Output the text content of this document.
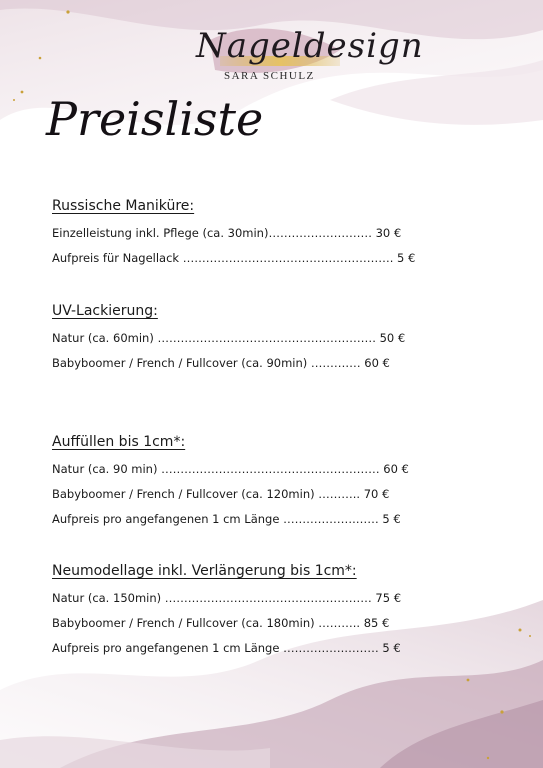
Nageldesign
SARA SCHULZ
Preisliste
Russische Maniküre:
Einzelleistung inkl. Pflege (ca. 30min)……………………… 30 €
Aufpreis für Nagellack ………………………………………………. 5 €
UV-Lackierung:
Natur (ca. 60min) ………………………………………………… 50 €
Babyboomer / French / Fullcover (ca. 90min) ……….… 60 €
Auffüllen bis 1cm*:
Natur (ca. 90 min) ………………………………………………… 60 €
Babyboomer / French / Fullcover (ca. 120min) ……….. 70 €
Aufpreis pro angefangenen 1 cm Länge ……………….…… 5 €
Neumodellage inkl. Verlängerung bis 1cm*:
Natur (ca. 150min) ……………………………………………… 75 €
Babyboomer / French / Fullcover (ca. 180min) ……….. 85 €
Aufpreis pro angefangenen 1 cm Länge …………….……… 5 €
